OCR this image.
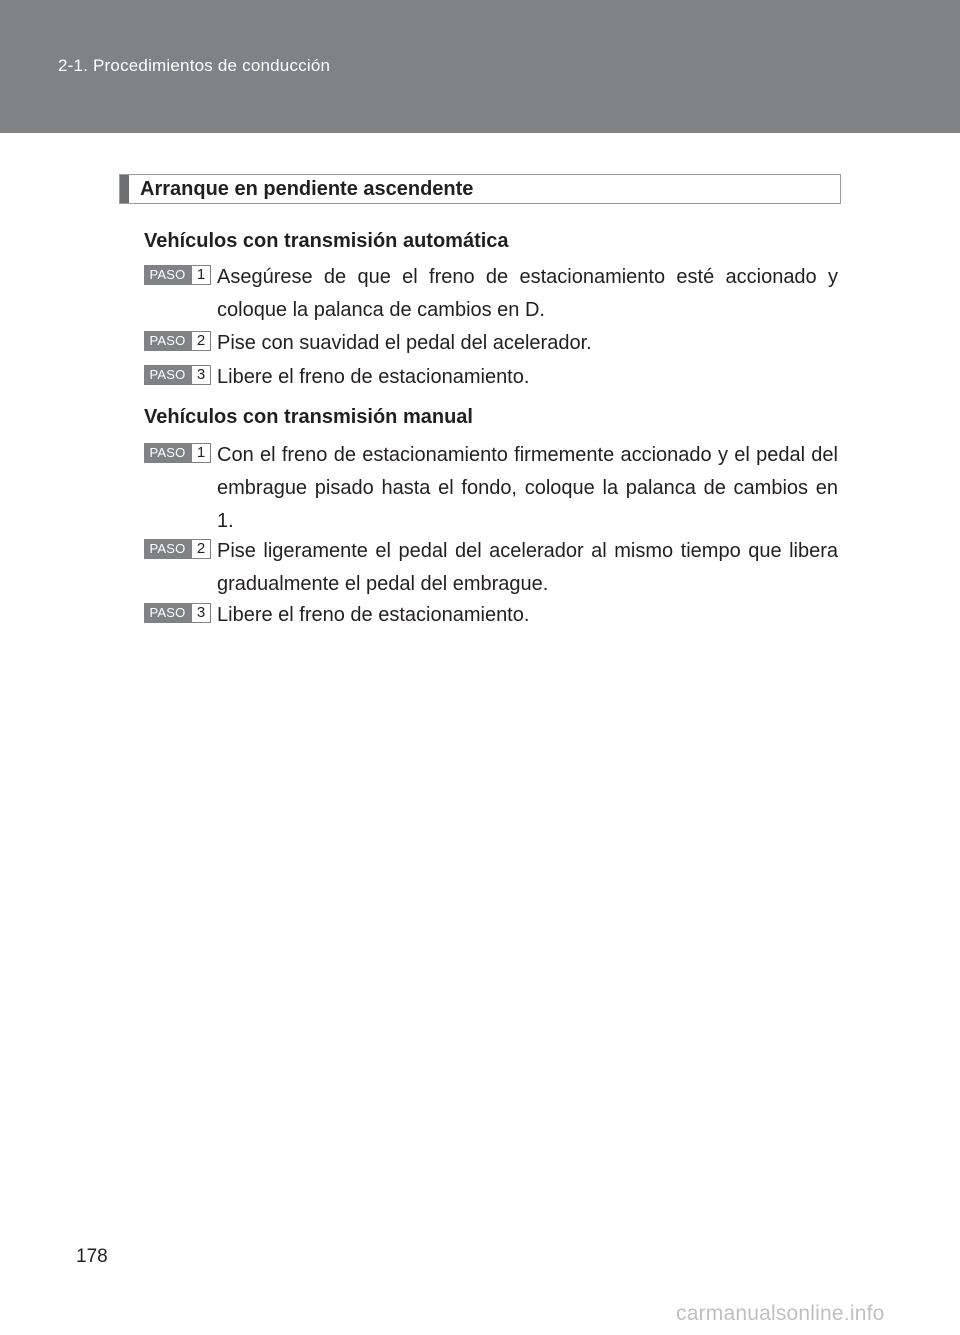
2-1. Procedimientos de conducción
Arranque en pendiente ascendente
Vehículos con transmisión automática
PASO 1 Asegúrese de que el freno de estacionamiento esté accionado y coloque la palanca de cambios en D.
PASO 2 Pise con suavidad el pedal del acelerador.
PASO 3 Libere el freno de estacionamiento.
Vehículos con transmisión manual
PASO 1 Con el freno de estacionamiento firmemente accionado y el pedal del embrague pisado hasta el fondo, coloque la palanca de cambios en 1.
PASO 2 Pise ligeramente el pedal del acelerador al mismo tiempo que libera gradualmente el pedal del embrague.
PASO 3 Libere el freno de estacionamiento.
178
carmanualsonline.info
